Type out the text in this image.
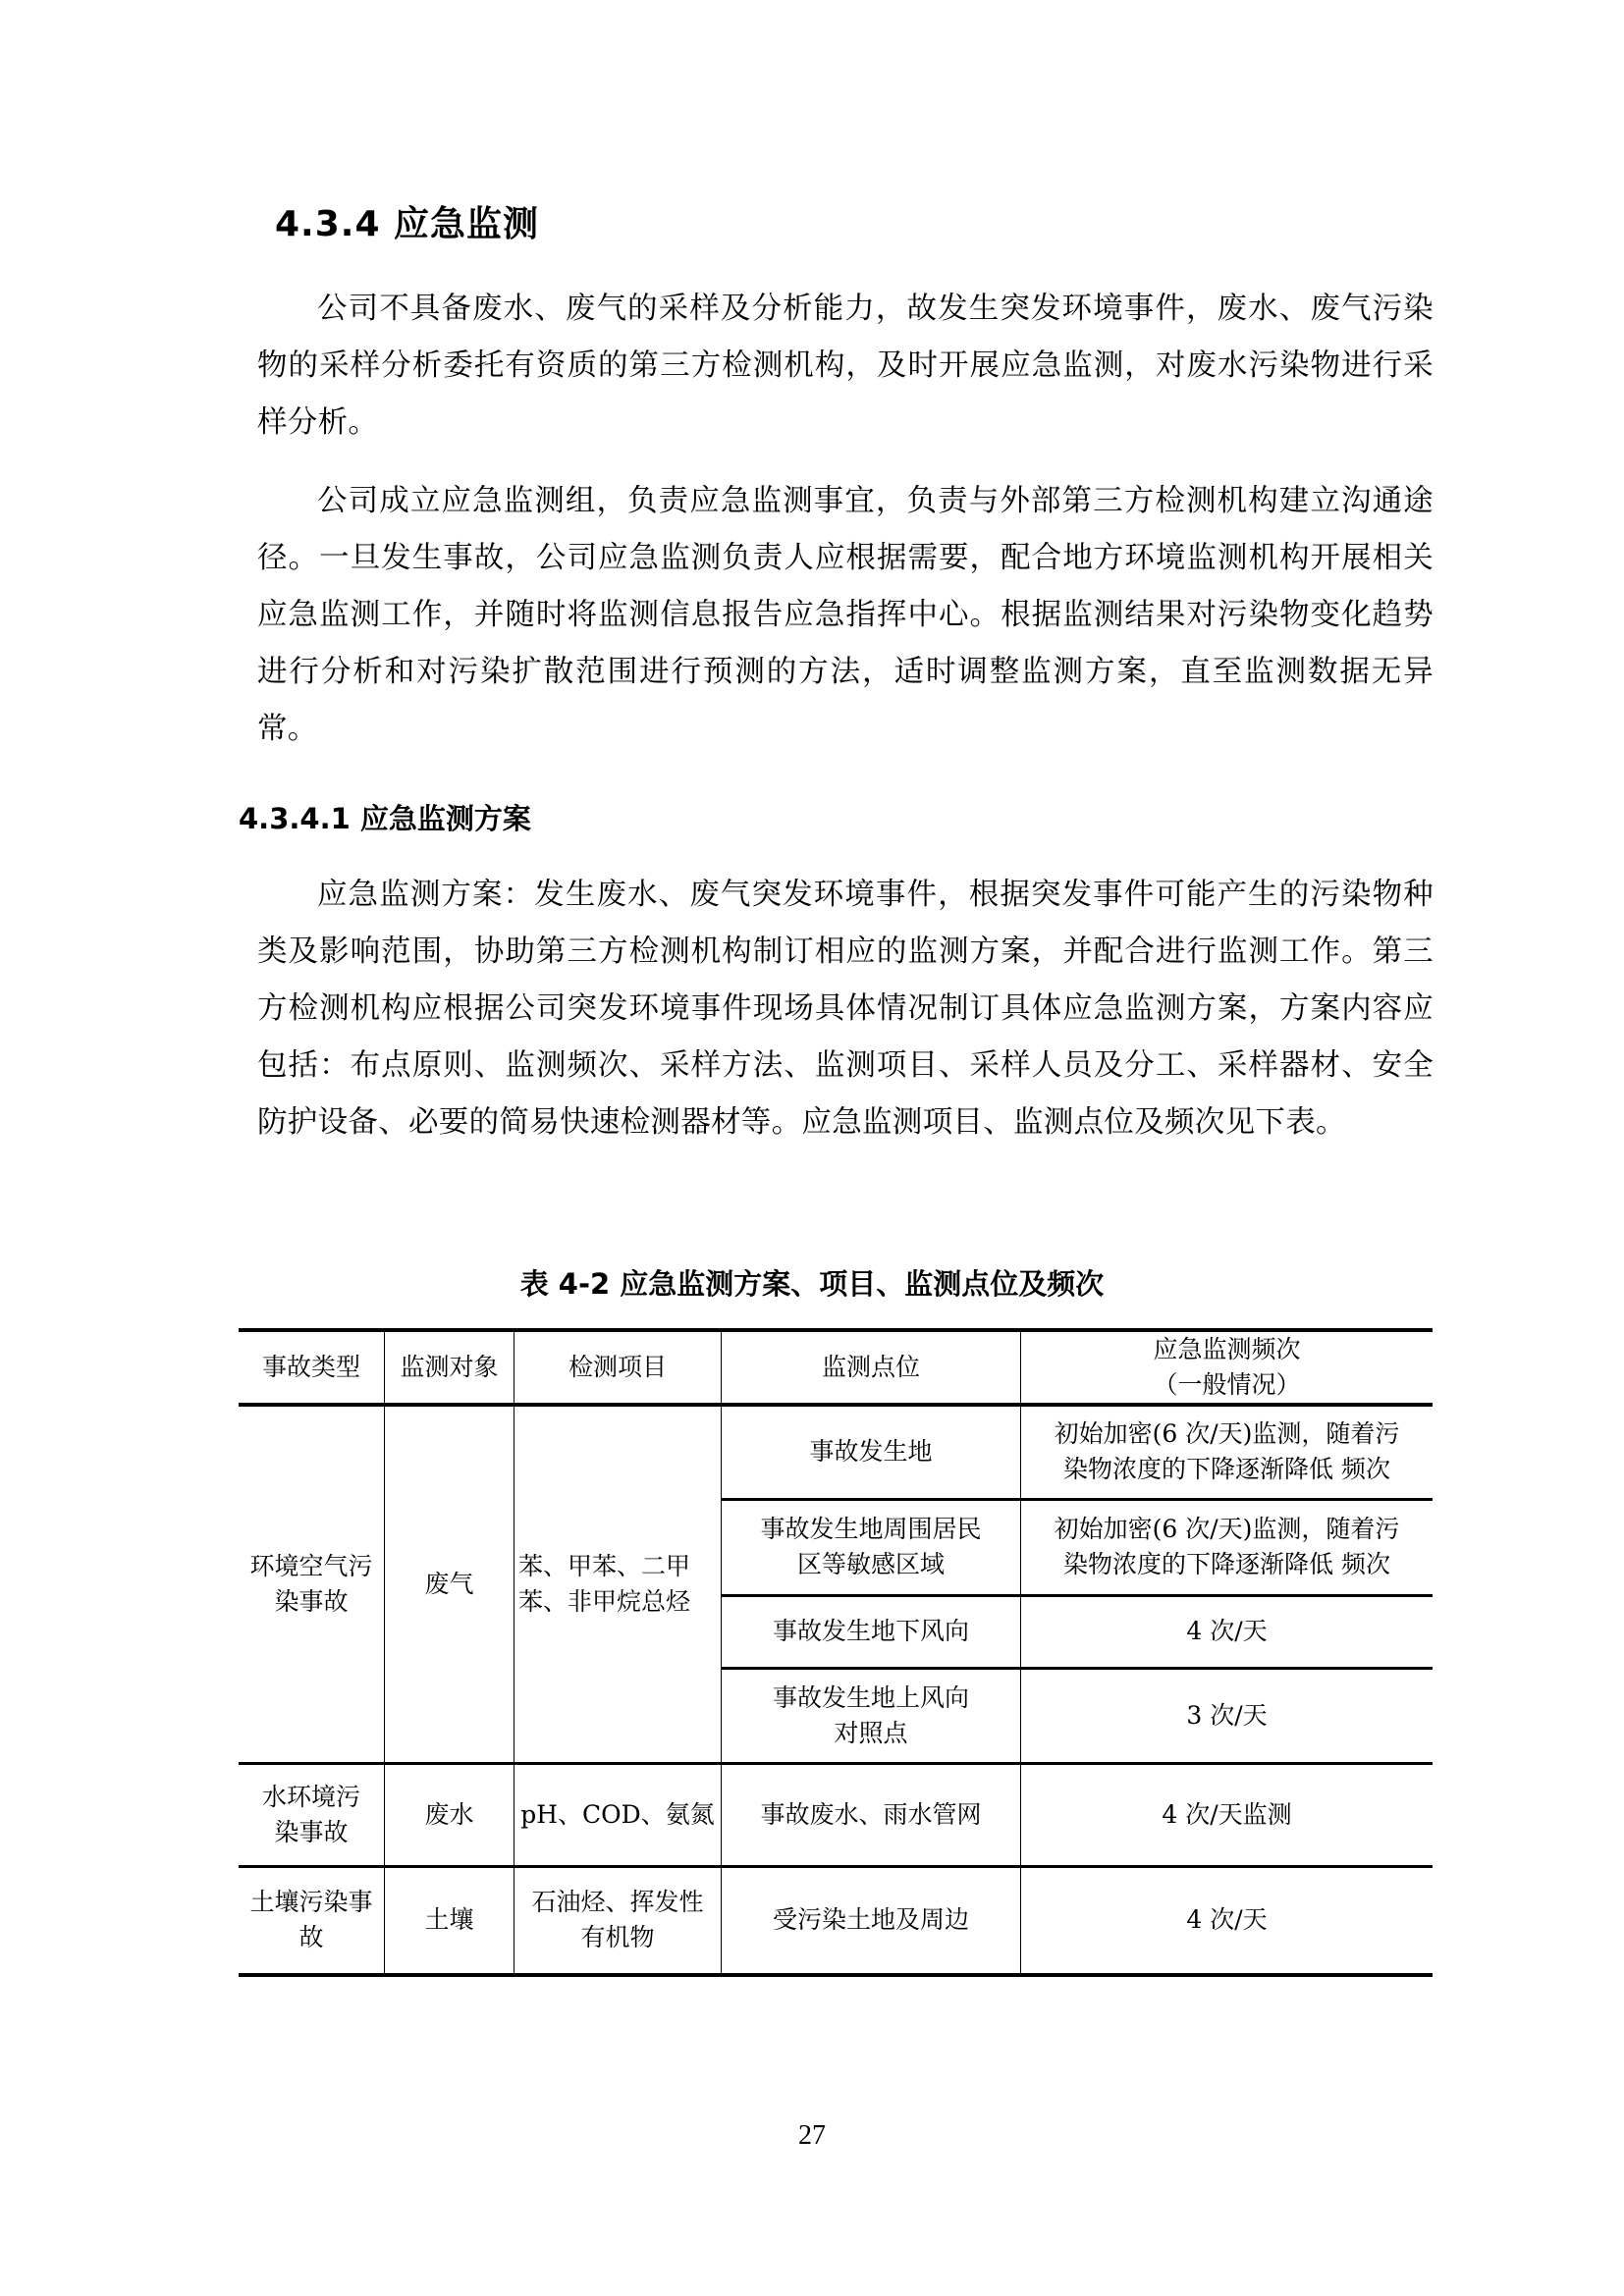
4.3.4 应急监测

公司不具备废水、废气的采样及分析能力，故发生突发环境事件，废水、废气污染物的采样分析委托有资质的第三方检测机构，及时开展应急监测，对废水污染物进行采样分析。

公司成立应急监测组，负责应急监测事宜，负责与外部第三方检测机构建立沟通途径。一旦发生事故，公司应急监测负责人应根据需要，配合地方环境监测机构开展相关应急监测工作，并随时将监测信息报告应急指挥中心。根据监测结果对污染物变化趋势进行分析和对污染扩散范围进行预测的方法，适时调整监测方案，直至监测数据无异常。

4.3.4.1 应急监测方案

应急监测方案：发生废水、废气突发环境事件，根据突发事件可能产生的污染物种类及影响范围，协助第三方检测机构制订相应的监测方案，并配合进行监测工作。第三方检测机构应根据公司突发环境事件现场具体情况制订具体应急监测方案，方案内容应包括：布点原则、监测频次、采样方法、监测项目、采样人员及分工、采样器材、安全防护设备、必要的简易快速检测器材等。应急监测项目、监测点位及频次见下表。

表 4-2 应急监测方案、项目、监测点位及频次
事故类型	监测对象	检测项目	监测点位	应急监测频次
（一般情况）

环境空气污染事故	废气	苯、甲苯、二甲苯、非甲烷总烃	事故发生地	初始加密(6 次/天)监测，随着污染物浓度的下降逐渐降低 频次
			事故发生地周围居民区等敏感区域	初始加密(6 次/天)监测，随着污染物浓度的下降逐渐降低 频次
			事故发生地下风向	4 次/天
			事故发生地上风向对照点	3 次/天
水环境污染事故	废水	pH、COD、氨氮	事故废水、雨水管网	4 次/天监测
土壤污染事故	土壤	石油烃、挥发性有机物	受污染土地及周边	4 次/天
27
